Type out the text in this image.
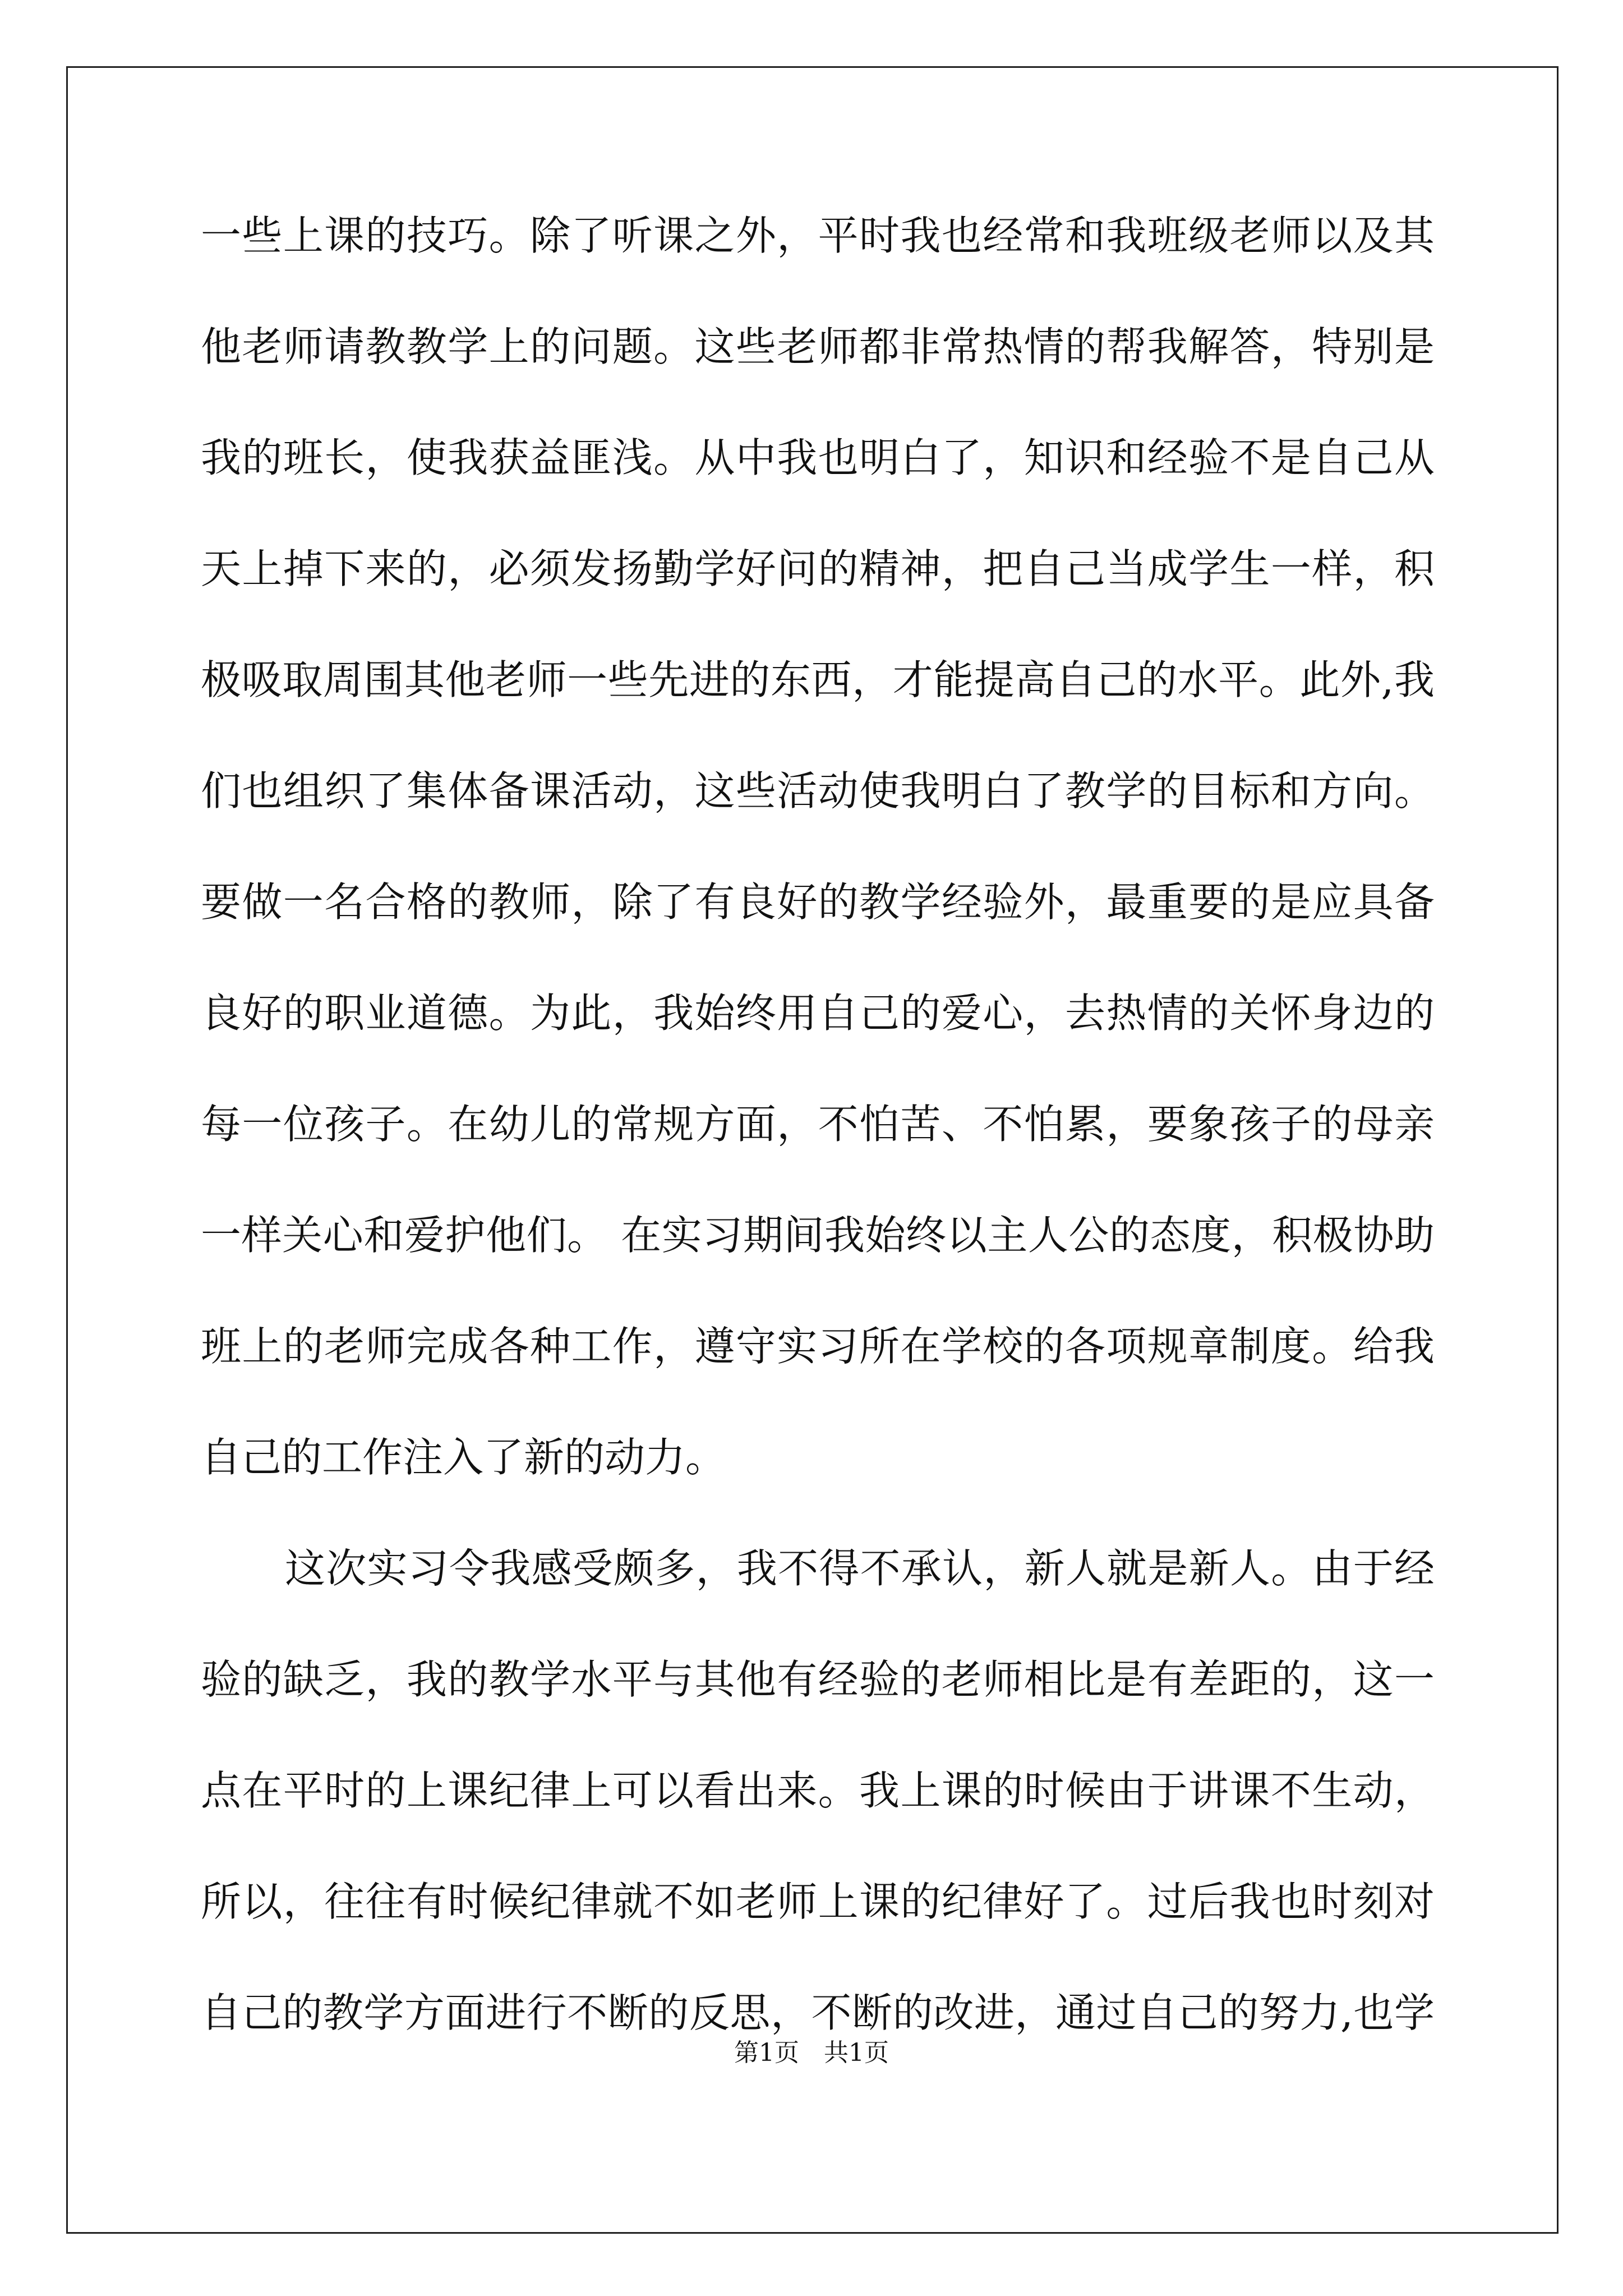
一些上课的技巧。除了听课之外，平时我也经常和我班级老师以及其
他老师请教教学上的问题。这些老师都非常热情的帮我解答，特别是
我的班长，使我获益匪浅。从中我也明白了，知识和经验不是自己从
天上掉下来的，必须发扬勤学好问的精神，把自己当成学生一样，积
极吸取周围其他老师一些先进的东西，才能提高自己的水平。此外,我
们也组织了集体备课活动，这些活动使我明白了教学的目标和方向。
要做一名合格的教师，除了有良好的教学经验外，最重要的是应具备
良好的职业道德。为此，我始终用自己的爱心，去热情的关怀身边的
每一位孩子。在幼儿的常规方面，不怕苦、不怕累，要象孩子的母亲
一样关心和爱护他们。 在实习期间我始终以主人公的态度，积极协助
班上的老师完成各种工作，遵守实习所在学校的各项规章制度。给我
自己的工作注入了新的动力。
这次实习令我感受颇多，我不得不承认，新人就是新人。由于经
验的缺乏，我的教学水平与其他有经验的老师相比是有差距的，这一
点在平时的上课纪律上可以看出来。我上课的时候由于讲课不生动，
所以，往往有时候纪律就不如老师上课的纪律好了。过后我也时刻对
自己的教学方面进行不断的反思，不断的改进，通过自己的努力,也学
第1页　共1页
